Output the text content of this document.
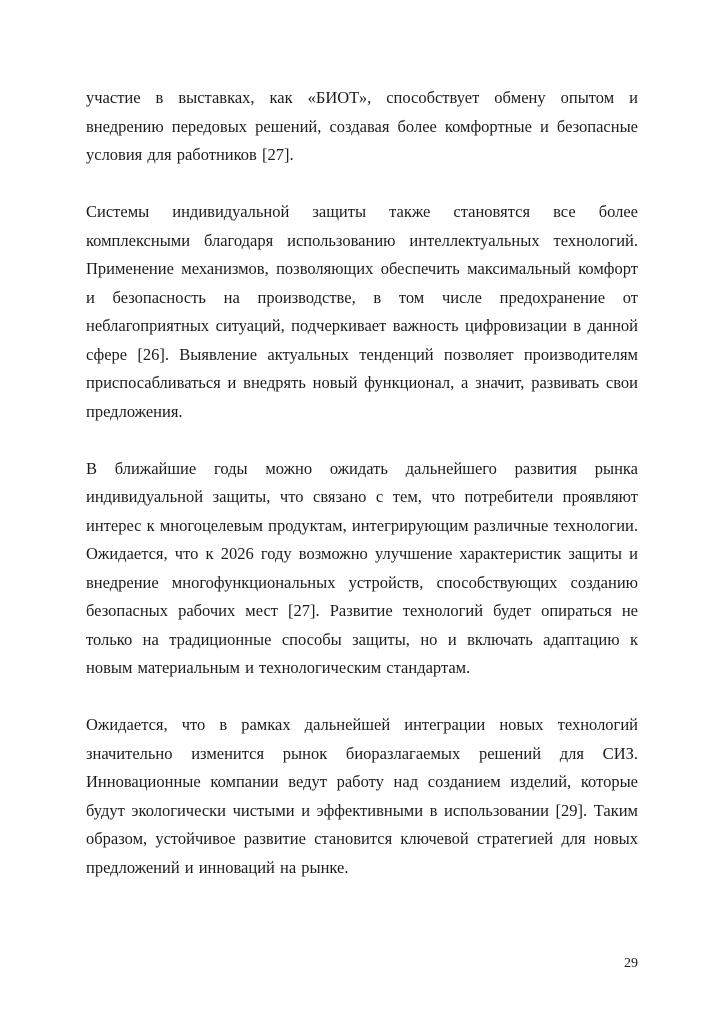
участие в выставках, как «БИОТ», способствует обмену опытом и внедрению передовых решений, создавая более комфортные и безопасные условия для работников [27].

Системы индивидуальной защиты также становятся все более комплексными благодаря использованию интеллектуальных технологий. Применение механизмов, позволяющих обеспечить максимальный комфорт и безопасность на производстве, в том числе предохранение от неблагоприятных ситуаций, подчеркивает важность цифровизации в данной сфере [26]. Выявление актуальных тенденций позволяет производителям приспосабливаться и внедрять новый функционал, а значит, развивать свои предложения.

В ближайшие годы можно ожидать дальнейшего развития рынка индивидуальной защиты, что связано с тем, что потребители проявляют интерес к многоцелевым продуктам, интегрирующим различные технологии. Ожидается, что к 2026 году возможно улучшение характеристик защиты и внедрение многофункциональных устройств, способствующих созданию безопасных рабочих мест [27]. Развитие технологий будет опираться не только на традиционные способы защиты, но и включать адаптацию к новым материальным и технологическим стандартам.

Ожидается, что в рамках дальнейшей интеграции новых технологий значительно изменится рынок биоразлагаемых решений для СИЗ. Инновационные компании ведут работу над созданием изделий, которые будут экологически чистыми и эффективными в использовании [29]. Таким образом, устойчивое развитие становится ключевой стратегией для новых предложений и инноваций на рынке.

29
